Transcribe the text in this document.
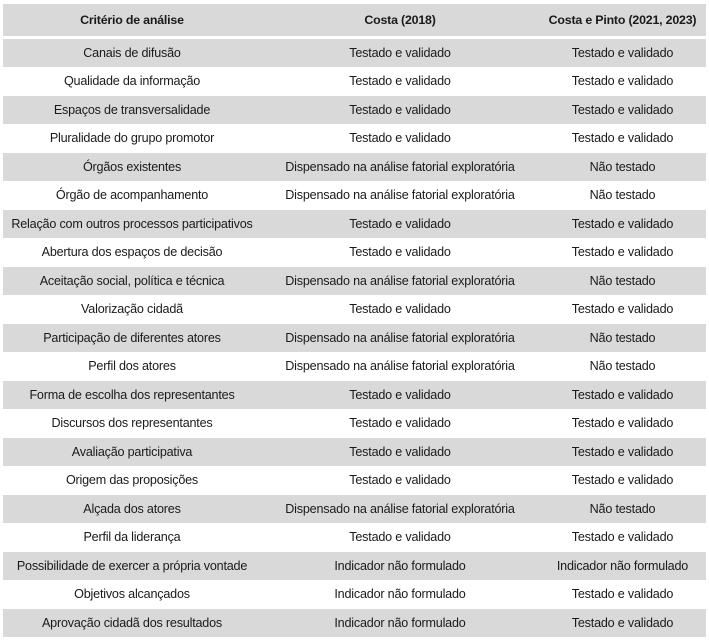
Critério de análise	Costa (2018)	Costa e Pinto (2021, 2023)
Canais de difusão	Testado e validado	Testado e validado
Qualidade da informação	Testado e validado	Testado e validado
Espaços de transversalidade	Testado e validado	Testado e validado
Pluralidade do grupo promotor	Testado e validado	Testado e validado
Órgãos existentes	Dispensado na análise fatorial exploratória	Não testado
Órgão de acompanhamento	Dispensado na análise fatorial exploratória	Não testado
Relação com outros processos participativos	Testado e validado	Testado e validado
Abertura dos espaços de decisão	Testado e validado	Testado e validado
Aceitação social, política e técnica	Dispensado na análise fatorial exploratória	Não testado
Valorização cidadã	Testado e validado	Testado e validado
Participação de diferentes atores	Dispensado na análise fatorial exploratória	Não testado
Perfil dos atores	Dispensado na análise fatorial exploratória	Não testado
Forma de escolha dos representantes	Testado e validado	Testado e validado
Discursos dos representantes	Testado e validado	Testado e validado
Avaliação participativa	Testado e validado	Testado e validado
Origem das proposições	Testado e validado	Testado e validado
Alçada dos atores	Dispensado na análise fatorial exploratória	Não testado
Perfil da liderança	Testado e validado	Testado e validado
Possibilidade de exercer a própria vontade	Indicador não formulado	Indicador não formulado
Objetivos alcançados	Indicador não formulado	Testado e validado
Aprovação cidadã dos resultados	Indicador não formulado	Testado e validado
